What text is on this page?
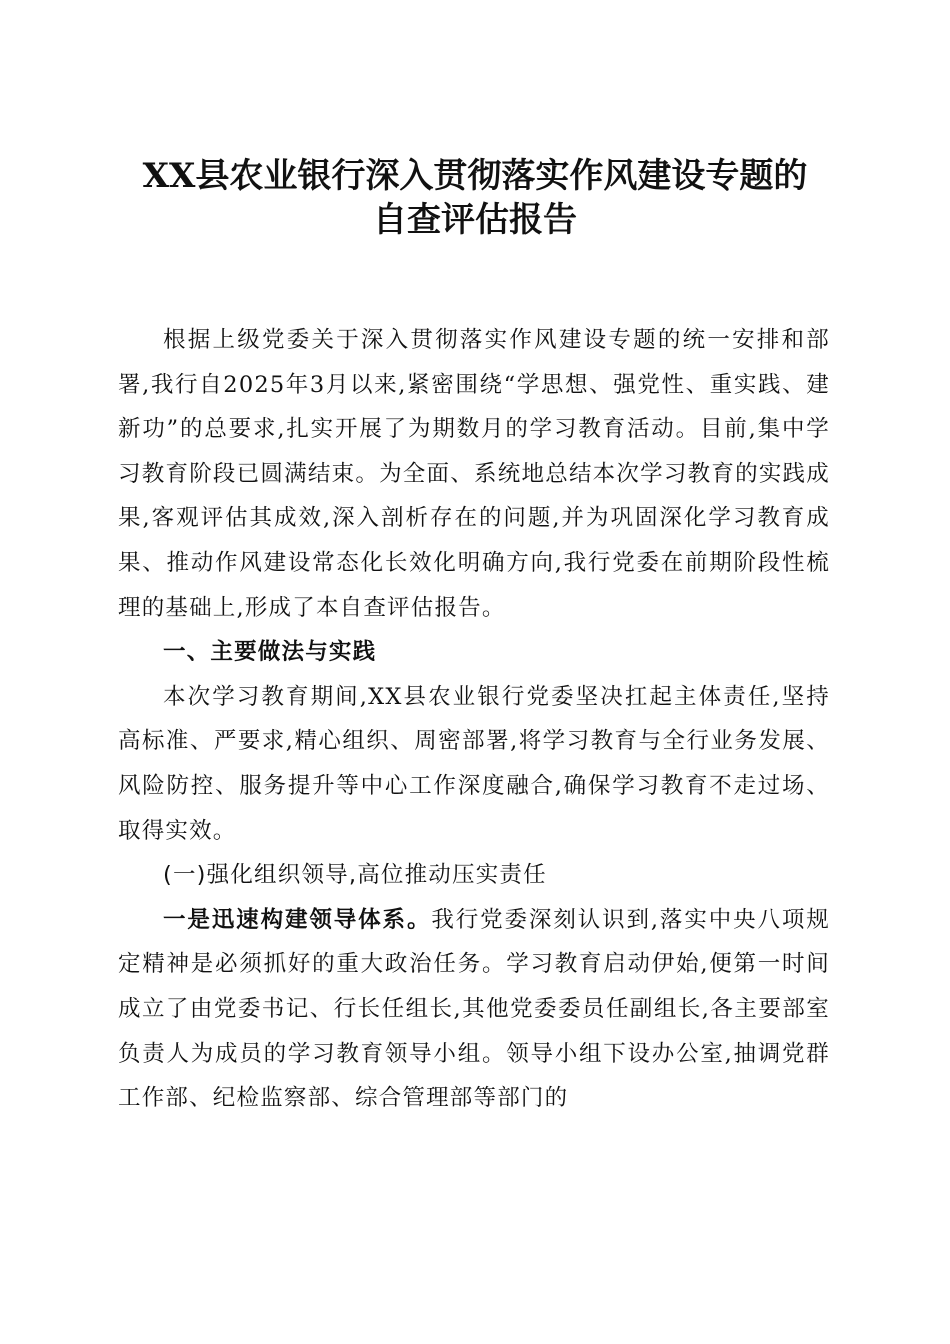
XX县农业银行深入贯彻落实作风建设专题的
自查评估报告

根据上级党委关于深入贯彻落实作风建设专题的统一安排和部署,我行自2025年3月以来,紧密围绕“学思想、强党性、重实践、建新功”的总要求,扎实开展了为期数月的学习教育活动。目前,集中学习教育阶段已圆满结束。为全面、系统地总结本次学习教育的实践成果,客观评估其成效,深入剖析存在的问题,并为巩固深化学习教育成果、推动作风建设常态化长效化明确方向,我行党委在前期阶段性梳理的基础上,形成了本自查评估报告。

一、主要做法与实践

本次学习教育期间,XX县农业银行党委坚决扛起主体责任,坚持高标准、严要求,精心组织、周密部署,将学习教育与全行业务发展、风险防控、服务提升等中心工作深度融合,确保学习教育不走过场、取得实效。

(一)强化组织领导,高位推动压实责任

一是迅速构建领导体系。我行党委深刻认识到,落实中央八项规定精神是必须抓好的重大政治任务。学习教育启动伊始,便第一时间成立了由党委书记、行长任组长,其他党委委员任副组长,各主要部室负责人为成员的学习教育领导小组。领导小组下设办公室,抽调党群工作部、纪检监察部、综合管理部等部门的
